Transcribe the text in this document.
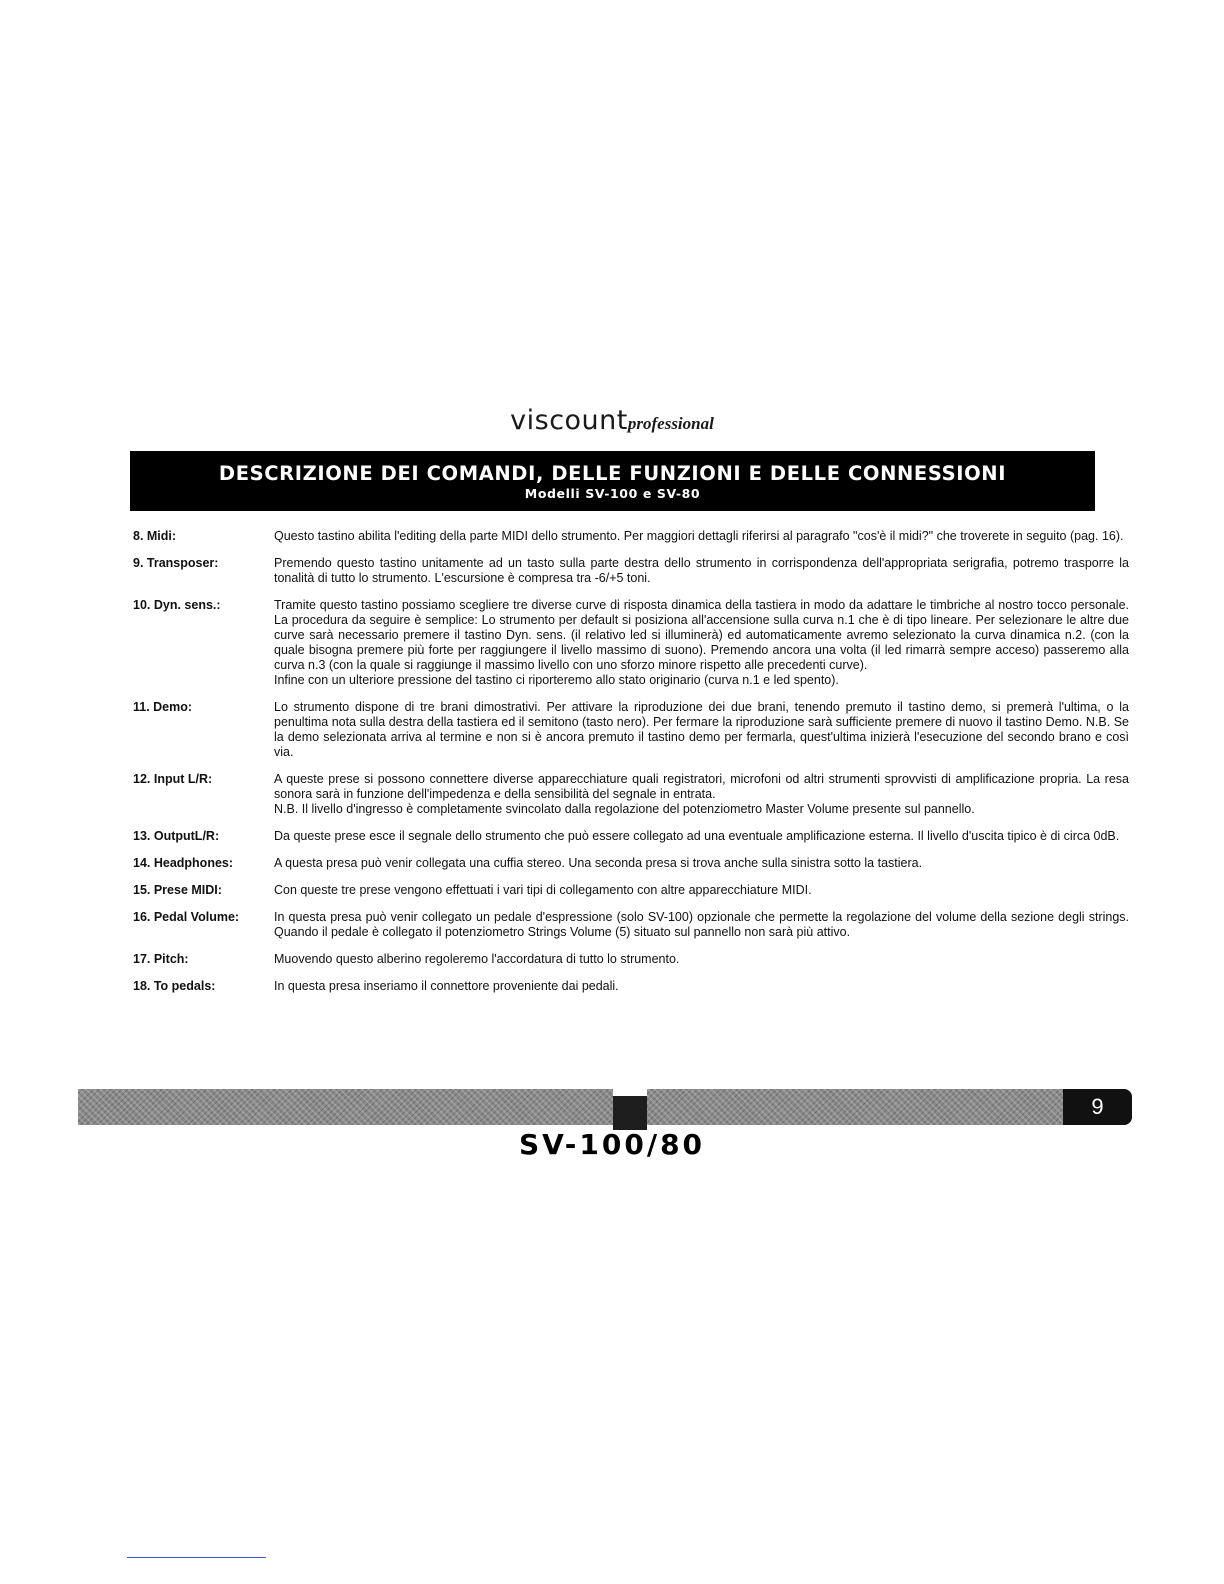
viscountprofessional
DESCRIZIONE DEI COMANDI, DELLE FUNZIONI E DELLE CONNESSIONI
Modelli SV-100 e SV-80
8. Midi:	Questo tastino abilita l'editing della parte MIDI dello strumento. Per maggiori dettagli riferirsi al paragrafo "cos'è il midi?" che troverete in seguito (pag. 16).

9. Transposer:	Premendo questo tastino unitamente ad un tasto sulla parte destra dello strumento in corrispondenza dell'appropriata serigrafia, potremo trasporre la tonalità di tutto lo strumento. L'escursione è compresa tra -6/+5 toni.

10. Dyn. sens.:	Tramite questo tastino possiamo scegliere tre diverse curve di risposta dinamica della tastiera in modo da adattare le timbriche al nostro tocco personale. La procedura da seguire è semplice: Lo strumento per default si posiziona all'accensione sulla curva n.1 che è di tipo lineare. Per selezionare le altre due curve sarà necessario premere il tastino Dyn. sens. (il relativo led si illuminerà) ed automaticamente avremo selezionato la curva dinamica n.2. (con la quale bisogna premere più forte per raggiungere il livello massimo di suono). Premendo ancora una volta (il led rimarrà sempre acceso) passeremo alla curva n.3 (con la quale si raggiunge il massimo livello con uno sforzo minore rispetto alle precedenti curve).

Infine con un ulteriore pressione del tastino ci riporteremo allo stato originario (curva n.1 e led spento).

11. Demo:	Lo strumento dispone di tre brani dimostrativi. Per attivare la riproduzione dei due brani, tenendo premuto il tastino demo, si premerà l'ultima, o la penultima nota sulla destra della tastiera ed il semitono (tasto nero). Per fermare la riproduzione sarà sufficiente premere di nuovo il tastino Demo. N.B. Se la demo selezionata arriva al termine e non si è ancora premuto il tastino demo per fermarla, quest'ultima inizierà l'esecuzione del secondo brano e così via.

12. Input L/R:	A queste prese si possono connettere diverse apparecchiature quali registratori, microfoni od altri strumenti sprovvisti di amplificazione propria. La resa sonora sarà in funzione dell'impedenza e della sensibilità del segnale in entrata.

N.B. Il livello d'ingresso è completamente svincolato dalla regolazione del potenziometro Master Volume presente sul pannello.

13. OutputL/R:	Da queste prese esce il segnale dello strumento che può essere collegato ad una eventuale amplificazione esterna. Il livello d'uscita tipico è di circa 0dB.

14. Headphones:	A questa presa può venir collegata una cuffia stereo. Una seconda presa si trova anche sulla sinistra sotto la tastiera.

15. Prese MIDI:	Con queste tre prese vengono effettuati i vari tipi di collegamento con altre apparecchiature MIDI.

16. Pedal Volume:	In questa presa può venir collegato un pedale d'espressione (solo SV-100) opzionale che permette la regolazione del volume della sezione degli strings. Quando il pedale è collegato il potenziometro Strings Volume (5) situato sul pannello non sarà più attivo.

17. Pitch:	Muovendo questo alberino regoleremo l'accordatura di tutto lo strumento.

18. To pedals:	In questa presa inseriamo il connettore proveniente dai pedali.

9
SV-100/80
